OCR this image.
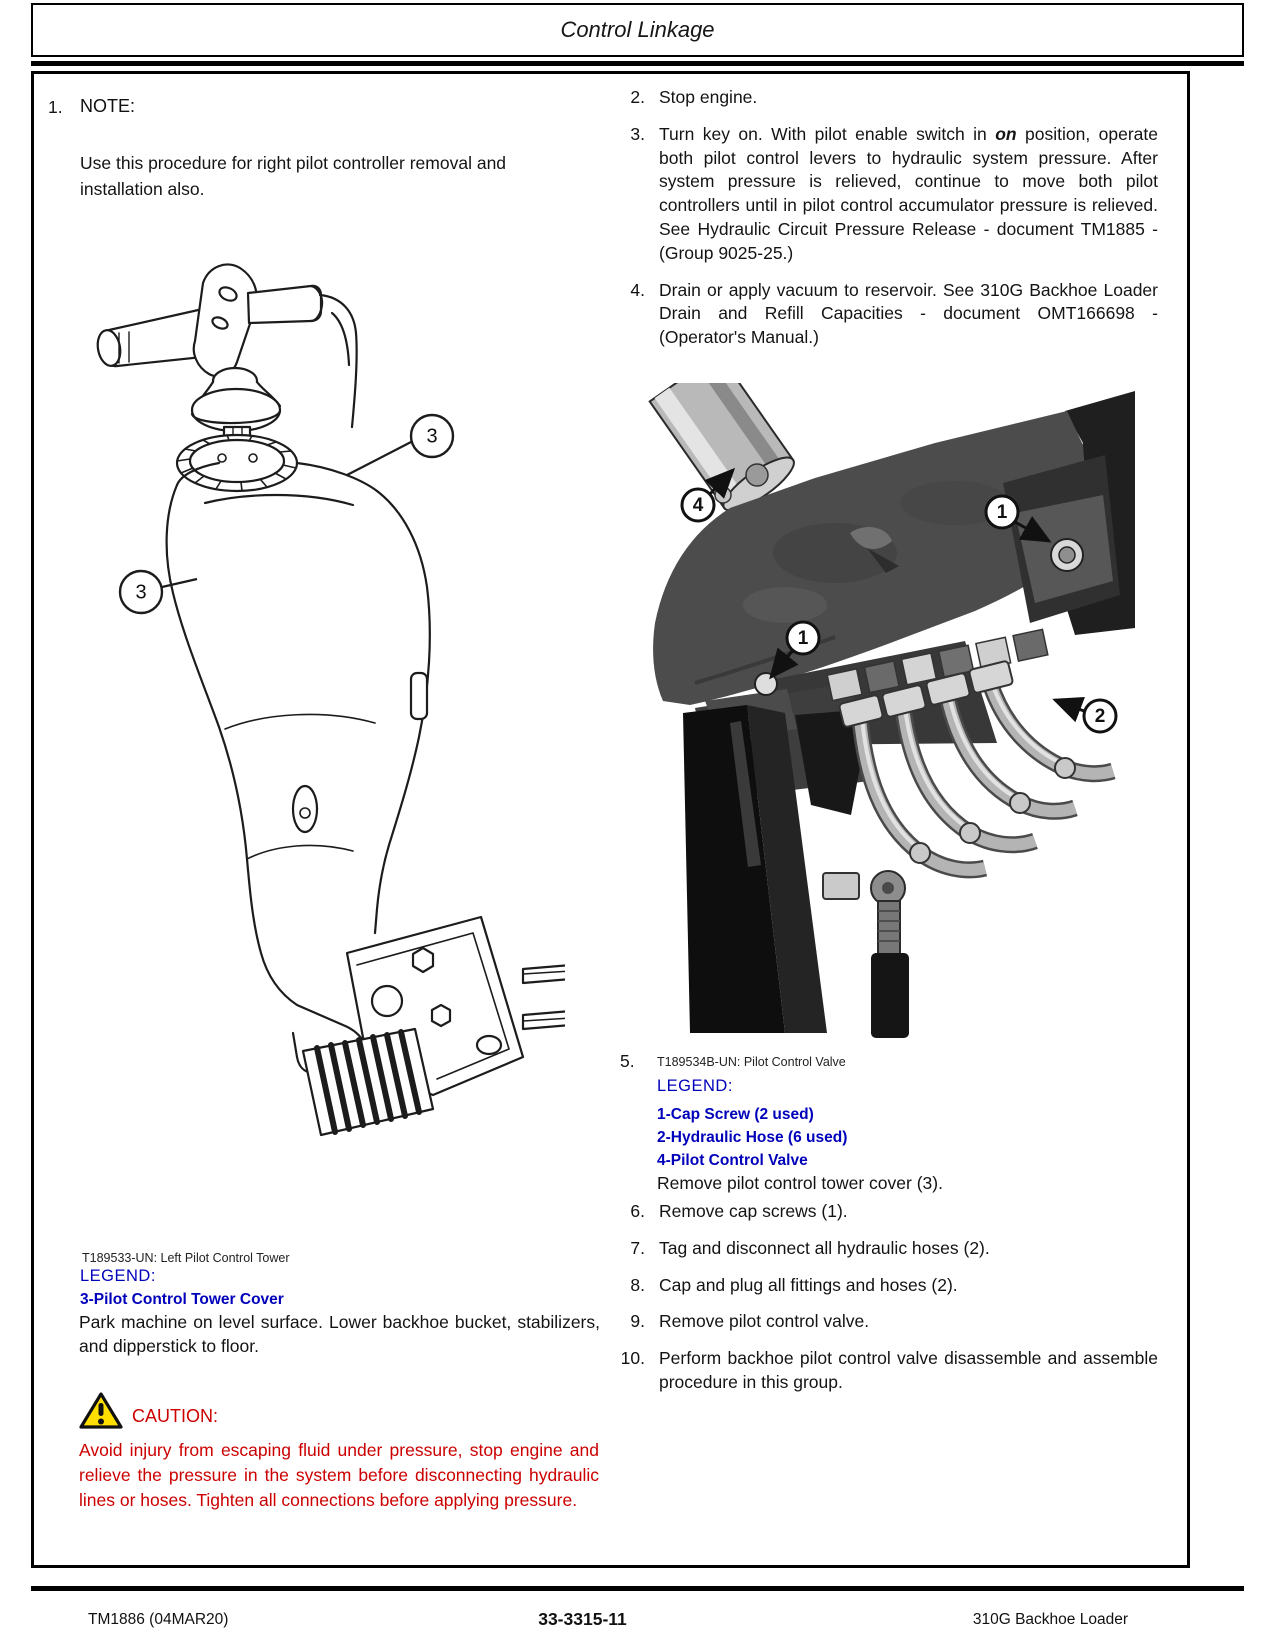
Control Linkage
1. NOTE:

Use this procedure for right pilot controller removal and installation also.

3
3

T189533-UN: Left Pilot Control Tower

LEGEND:

3-Pilot Control Tower Cover

Park machine on level surface. Lower backhoe bucket, stabilizers, and dipperstick to floor.

CAUTION:

Avoid injury from escaping fluid under pressure, stop engine and relieve the pressure in the system before disconnecting hydraulic lines or hoses. Tighten all connections before applying pressure.

2. Stop engine.

3. Turn key on. With pilot enable switch in on position, operate both pilot control levers to hydraulic system pressure. After system pressure is relieved, continue to move both pilot controllers until in pilot control accumulator pressure is relieved. See Hydraulic Circuit Pressure Release - document TM1885 - (Group 9025-25.)

4. Drain or apply vacuum to reservoir. See 310G Backhoe Loader Drain and Refill Capacities - document OMT166698 - (Operator's Manual.)

4	1
1
2
5. T189534B-UN: Pilot Control Valve

LEGEND:

1-Cap Screw (2 used)

2-Hydraulic Hose (6 used)

4-Pilot Control Valve

Remove pilot control tower cover (3).

6. Remove cap screws (1).

7. Tag and disconnect all hydraulic hoses (2).

8. Cap and plug all fittings and hoses (2).

9. Remove pilot control valve.

10. Perform backhoe pilot control valve disassemble and assemble procedure in this group.

TM1886 (04MAR20)	33-3315-11	310G Backhoe Loader
